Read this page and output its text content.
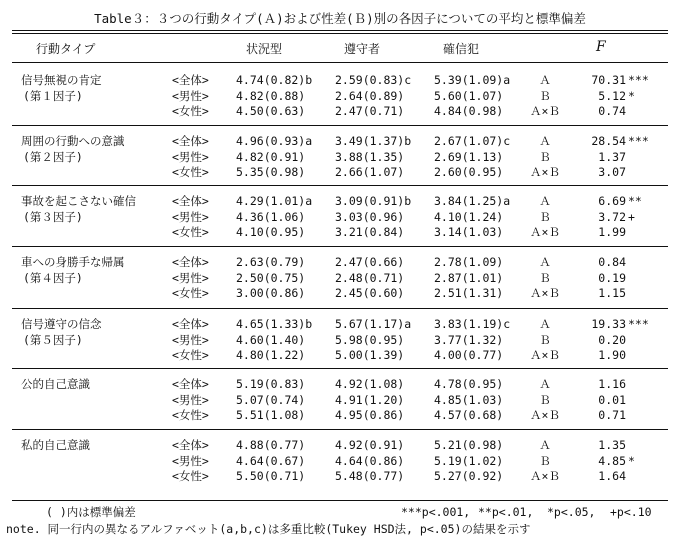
Table３：３つの行動タイプ(Ａ)および性差(Ｂ)別の各因子についての平均と標準偏差
行動タイプ	状況型	遵守者	確信犯	F
信号無視の肯定
(第１因子)
<全体> 4.74(0.82)b 2.59(0.83)c 5.39(1.09)a	Ａ	70.31 ***
<男性> 4.82(0.88)	2.64(0.89)	5.60(1.07)	Ｂ	5.12 *
<女性> 4.50(0.63)	2.47(0.71)	4.84(0.98)	Ａ×Ｂ	0.74
周囲の行動への意識
(第２因子)
<全体> 4.96(0.93)a 3.49(1.37)b 2.67(1.07)c	Ａ	28.54 ***
<男性> 4.82(0.91)	3.88(1.35)	2.69(1.13)	Ｂ	1.37
<女性> 5.35(0.98)	2.66(1.07)	2.60(0.95)	Ａ×Ｂ	3.07
事故を起こさない確信
(第３因子)
<全体> 4.29(1.01)a 3.09(0.91)b 3.84(1.25)a	Ａ	6.69 **
<男性> 4.36(1.06)	3.03(0.96)	4.10(1.24)	Ｂ	3.72 +
<女性> 4.10(0.95)	3.21(0.84)	3.14(1.03)	Ａ×Ｂ	1.99
車への身勝手な帰属
(第４因子)
<全体> 2.63(0.79)	2.47(0.66)	2.78(1.09)	Ａ	0.84
<男性> 2.50(0.75)	2.48(0.71)	2.87(1.01)	Ｂ	0.19
<女性> 3.00(0.86)	2.45(0.60)	2.51(1.31)	Ａ×Ｂ	1.15
信号遵守の信念
(第５因子)
<全体> 4.65(1.33)b 5.67(1.17)a 3.83(1.19)c	Ａ	19.33 ***
<男性> 4.60(1.40)	5.98(0.95)	3.77(1.32)	Ｂ	0.20
<女性> 4.80(1.22)	5.00(1.39)	4.00(0.77)	Ａ×Ｂ	1.90
公的自己意識	<全体> 5.19(0.83)	4.92(1.08)	4.78(0.95)	Ａ	1.16
<男性> 5.07(0.74)	4.91(1.20)	4.85(1.03)	Ｂ	0.01
<女性> 5.51(1.08)	4.95(0.86)	4.57(0.68)	Ａ×Ｂ	0.71
私的自己意識	<全体> 4.88(0.77)	4.92(0.91)	5.21(0.98)	Ａ	1.35
<男性> 4.64(0.67)	4.64(0.86)	5.19(1.02)	Ｂ	4.85 *
<女性> 5.50(0.71)	5.48(0.77)	5.27(0.92)	Ａ×Ｂ	1.64
( )内は標準偏差	***p<.001, **p<.01, *p<.05, +p<.10
note. 同一行内の異なるアルファベット(a,b,c)は多重比較(Tukey HSD法, p<.05)の結果を示す
